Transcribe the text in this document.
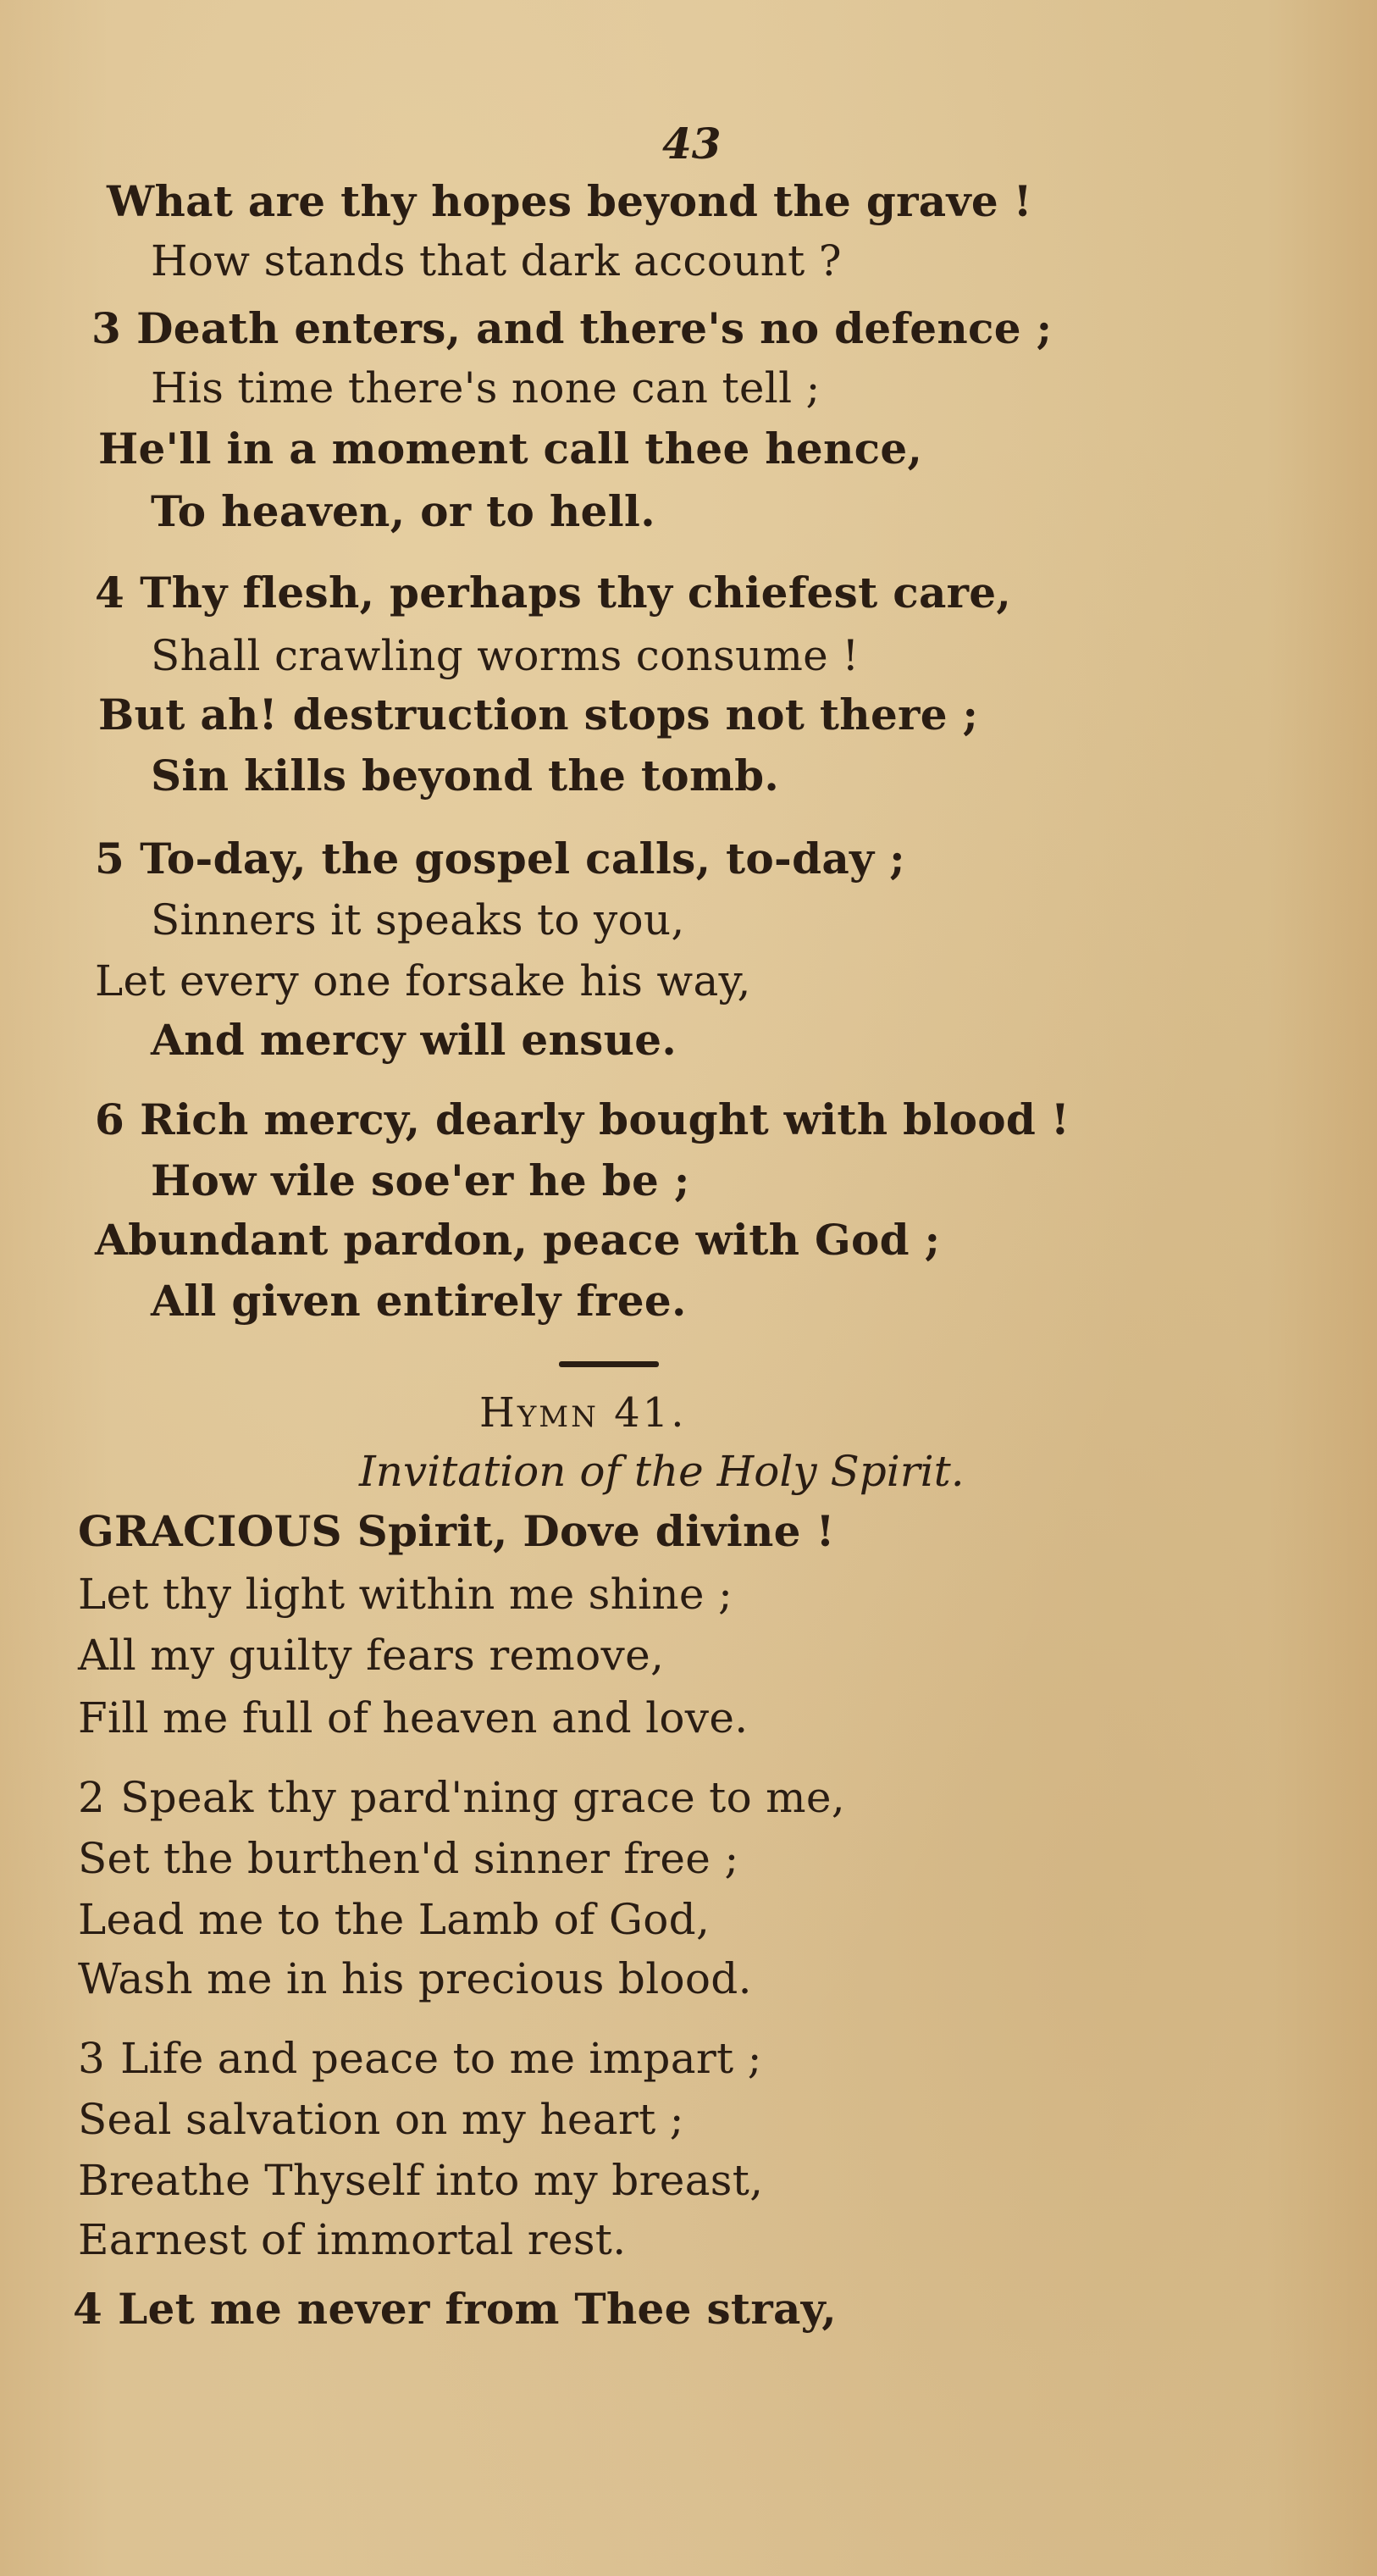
43
What are thy hopes beyond the grave !
How stands that dark account ?
3 Death enters, and there's no defence ;
His time there's none can tell ;
He'll in a moment call thee hence,
To heaven, or to hell.
4 Thy flesh, perhaps thy chiefest care,
Shall crawling worms consume !
But ah! destruction stops not there ;
Sin kills beyond the tomb.
5 To-day, the gospel calls, to-day ;
Sinners it speaks to you,
Let every one forsake his way,
And mercy will ensue.
6 Rich mercy, dearly bought with blood !
How vile soe'er he be ;
Abundant pardon, peace with God ;
All given entirely free.
Hymn 41.
Invitation of the Holy Spirit.
GRACIOUS Spirit, Dove divine !
Let thy light within me shine ;
All my guilty fears remove,
Fill me full of heaven and love.
2 Speak thy pard'ning grace to me,
Set the burthen'd sinner free ;
Lead me to the Lamb of God,
Wash me in his precious blood.
3 Life and peace to me impart ;
Seal salvation on my heart ;
Breathe Thyself into my breast,
Earnest of immortal rest.
4 Let me never from Thee stray,
